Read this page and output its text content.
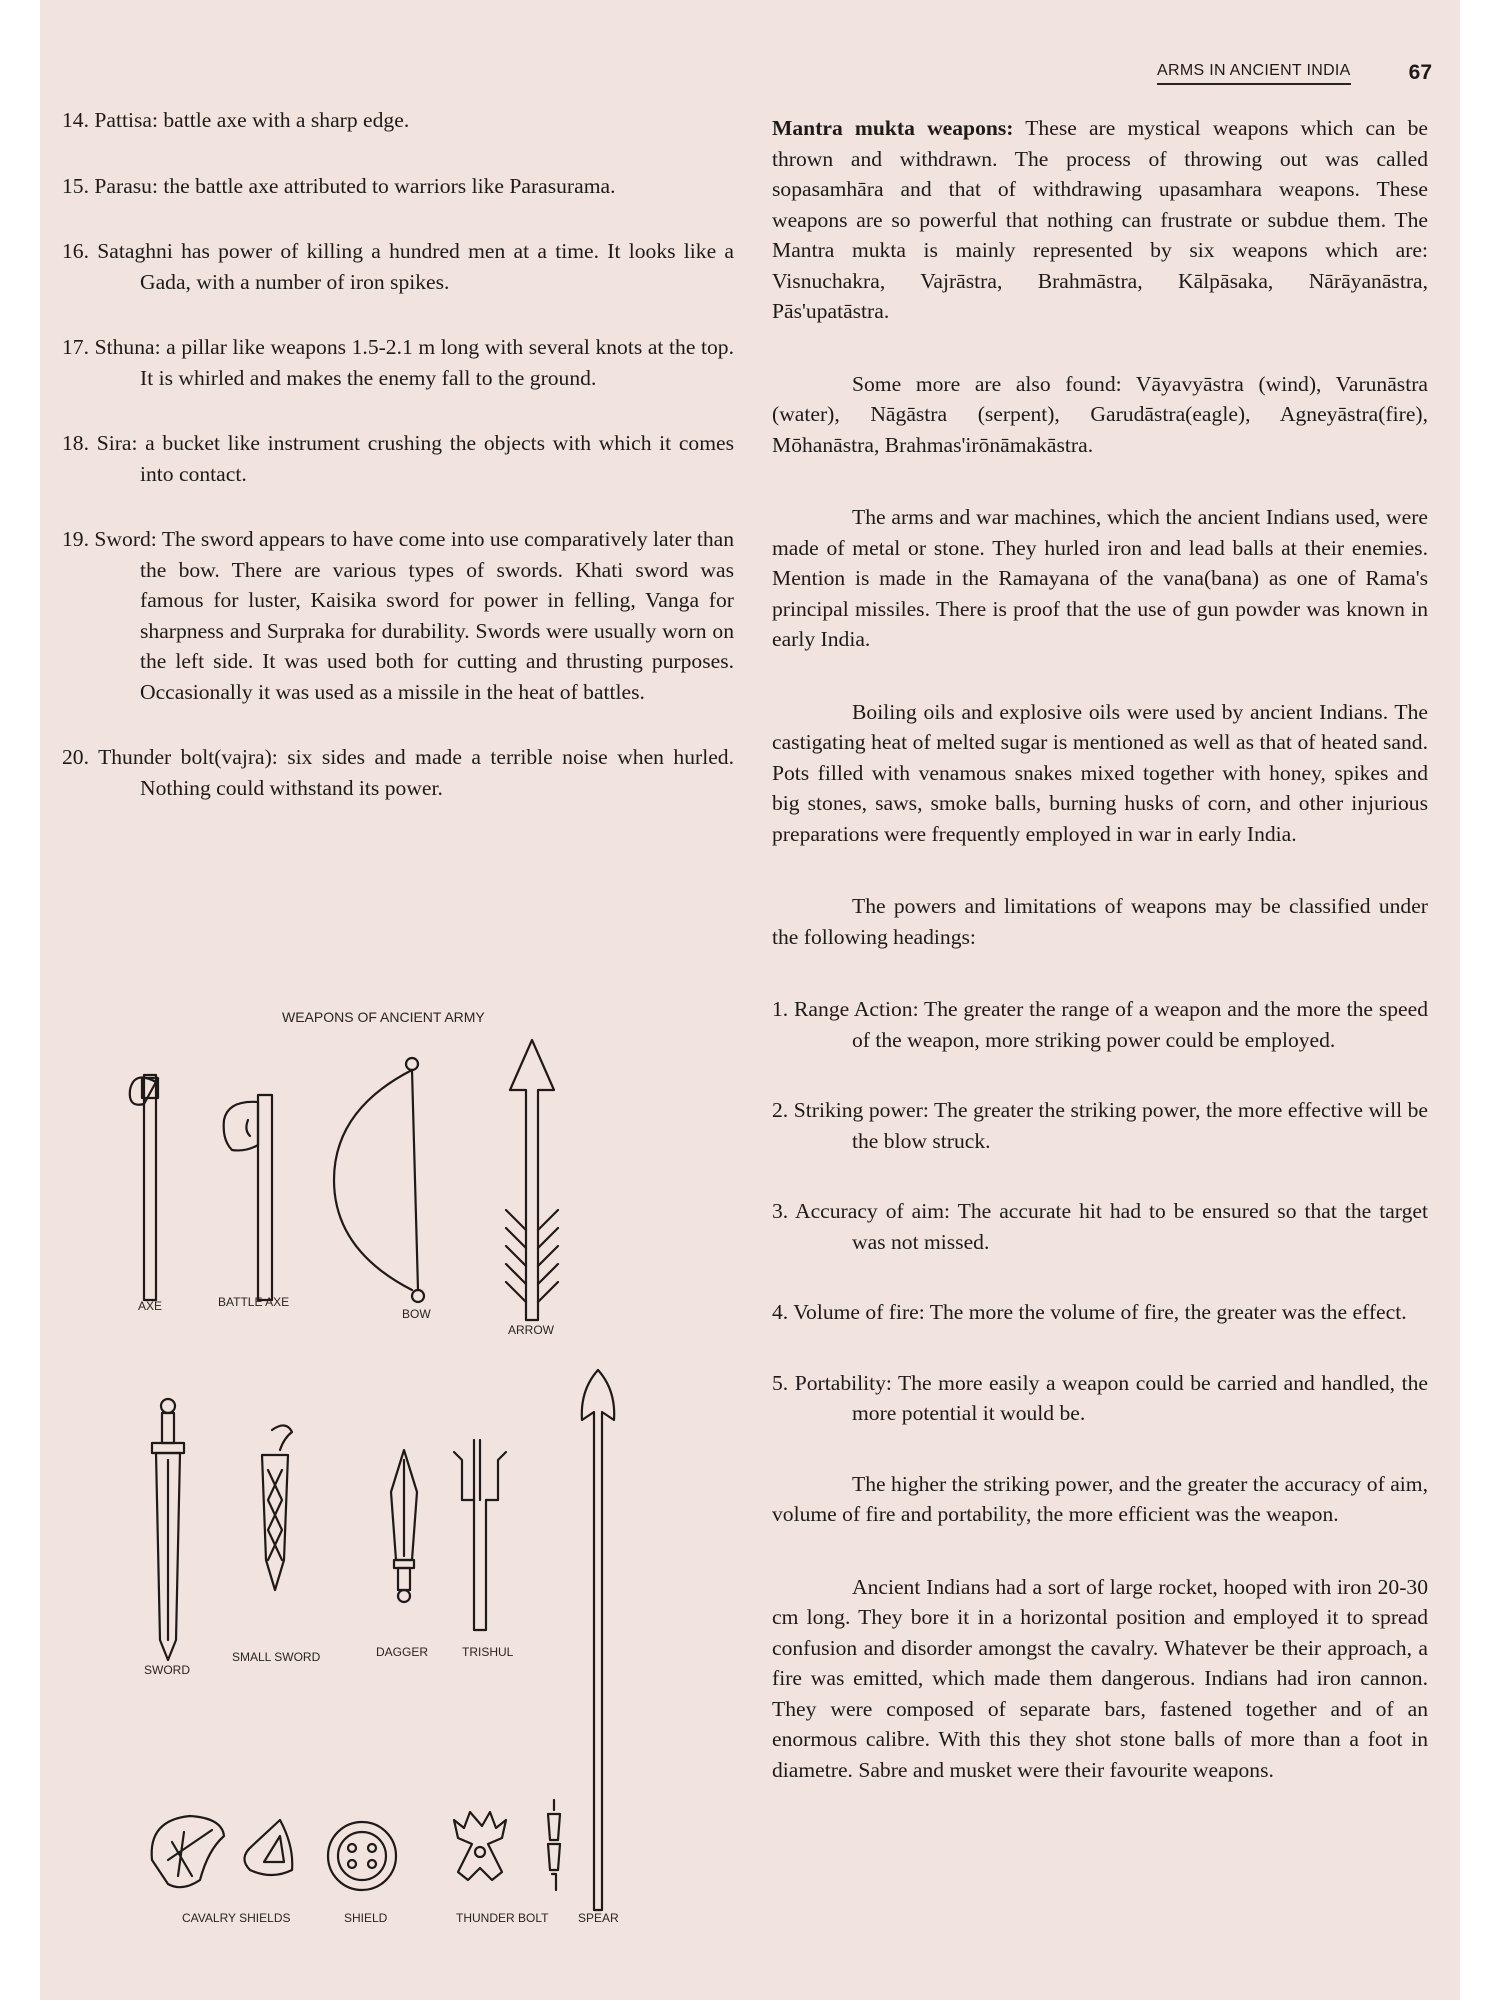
ARMS IN ANCIENT INDIA	67

14. Pattisa: battle axe with a sharp edge.

15. Parasu: the battle axe attributed to warriors like Parasurama.

16. Sataghni has power of killing a hundred men at a time. It looks like a Gada, with a number of iron spikes.

17. Sthuna: a pillar like weapons 1.5-2.1 m long with several knots at the top. It is whirled and makes the enemy fall to the ground.

18. Sira: a bucket like instrument crushing the objects with which it comes into contact.

19. Sword: The sword appears to have come into use comparatively later than the bow. There are various types of swords. Khati sword was famous for luster, Kaisika sword for power in felling, Vanga for sharpness and Surpraka for durability. Swords were usually worn on the left side. It was used both for cutting and thrusting purposes. Occasionally it was used as a missile in the heat of battles.

20. Thunder bolt(vajra): six sides and made a terrible noise when hurled. Nothing could withstand its power.

WEAPONS OF ANCIENT ARMY
AXE	BATTLE AXE
BOW
ARROW
SWORD
SMALL SWORD	DAGGER	TRISHUL
SPEAR
CAVALRY SHIELDS	SHIELD	THUNDER BOLT

Mantra mukta weapons: These are mystical weapons which can be thrown and withdrawn. The process of throwing out was called sopasamhāra and that of withdrawing upasamhara weapons. These weapons are so powerful that nothing can frustrate or subdue them. The Mantra mukta is mainly represented by six weapons which are: Visnuchakra, Vajrāstra, Brahmāstra, Kālpāsaka, Nārāyanāstra, Pās'upatāstra.

Some more are also found: Vāyavyāstra (wind), Varunāstra (water), Nāgāstra (serpent), Garudāstra(eagle), Agneyāstra(fire), Mōhanāstra, Brahmas'irōnāmakāstra.

The arms and war machines, which the ancient Indians used, were made of metal or stone. They hurled iron and lead balls at their enemies. Mention is made in the Ramayana of the vana(bana) as one of Rama's principal missiles. There is proof that the use of gun powder was known in early India.

Boiling oils and explosive oils were used by ancient Indians. The castigating heat of melted sugar is mentioned as well as that of heated sand. Pots filled with venamous snakes mixed together with honey, spikes and big stones, saws, smoke balls, burning husks of corn, and other injurious preparations were frequently employed in war in early India.

The powers and limitations of weapons may be classified under the following headings:

1. Range Action: The greater the range of a weapon and the more the speed of the weapon, more striking power could be employed.

2. Striking power: The greater the striking power, the more effective will be the blow struck.

3. Accuracy of aim: The accurate hit had to be ensured so that the target was not missed.

4. Volume of fire: The more the volume of fire, the greater was the effect.

5. Portability: The more easily a weapon could be carried and handled, the more potential it would be.

The higher the striking power, and the greater the accuracy of aim, volume of fire and portability, the more efficient was the weapon.

Ancient Indians had a sort of large rocket, hooped with iron 20-30 cm long. They bore it in a horizontal position and employed it to spread confusion and disorder amongst the cavalry. Whatever be their approach, a fire was emitted, which made them dangerous. Indians had iron cannon. They were composed of separate bars, fastened together and of an enormous calibre. With this they shot stone balls of more than a foot in diametre. Sabre and musket were their favourite weapons.
